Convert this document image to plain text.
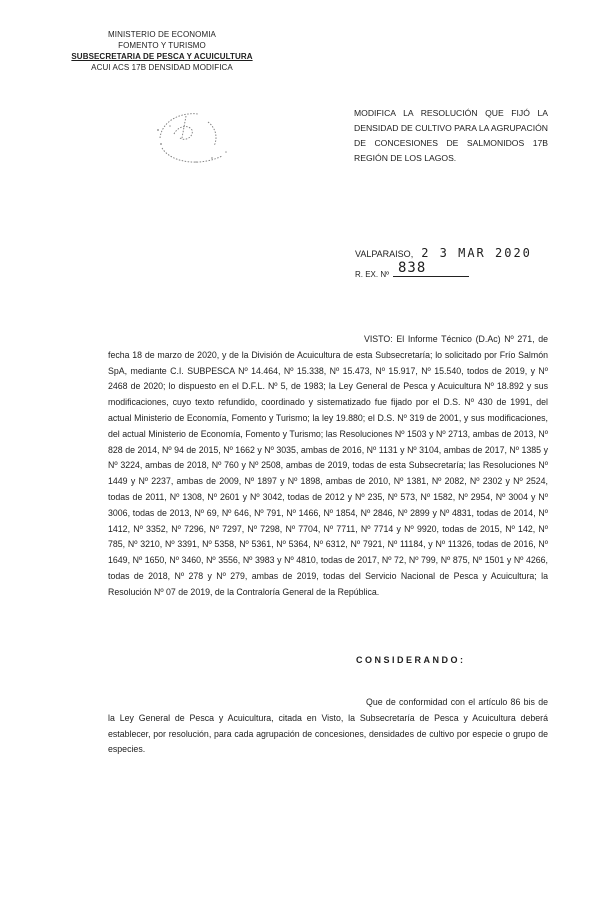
MINISTERIO DE ECONOMIA
FOMENTO Y TURISMO
SUBSECRETARIA DE PESCA Y ACUICULTURA
ACUI ACS 17B DENSIDAD MODIFICA
MODIFICA LA RESOLUCIÓN QUE FIJÓ LA DENSIDAD DE CULTIVO PARA LA AGRUPACIÓN DE CONCESIONES DE SALMONIDOS 17B REGIÓN DE LOS LAGOS.
VALPARAISO, 2 3 MAR 2020
R. EX. Nº 838
VISTO: El Informe Técnico (D.Ac) Nº 271, de fecha 18 de marzo de 2020, y de la División de Acuicultura de esta Subsecretaría; lo solicitado por Frío Salmón SpA, mediante C.I. SUBPESCA Nº 14.464, Nº 15.338, Nº 15.473, Nº 15.917, Nº 15.540, todos de 2019, y Nº 2468 de 2020; lo dispuesto en el D.F.L. Nº 5, de 1983; la Ley General de Pesca y Acuicultura Nº 18.892 y sus modificaciones, cuyo texto refundido, coordinado y sistematizado fue fijado por el D.S. Nº 430 de 1991, del actual Ministerio de Economía, Fomento y Turismo; la ley 19.880; el D.S. Nº 319 de 2001, y sus modificaciones, del actual Ministerio de Economía, Fomento y Turismo; las Resoluciones Nº 1503 y Nº 2713, ambas de 2013, Nº 828 de 2014, Nº 94 de 2015, Nº 1662 y Nº 3035, ambas de 2016, Nº 1131 y Nº 3104, ambas de 2017, Nº 1385 y Nº 3224, ambas de 2018, Nº 760 y Nº 2508, ambas de 2019, todas de esta Subsecretaría; las Resoluciones Nº 1449 y Nº 2237, ambas de 2009, Nº 1897 y Nº 1898, ambas de 2010, Nº 1381, Nº 2082, Nº 2302 y Nº 2524, todas de 2011, Nº 1308, Nº 2601 y Nº 3042, todas de 2012 y Nº 235, Nº 573, Nº 1582, Nº 2954, Nº 3004 y Nº 3006, todas de 2013, Nº 69, Nº 646, Nº 791, Nº 1466, Nº 1854, Nº 2846, Nº 2899 y Nº 4831, todas de 2014, Nº 1412, Nº 3352, Nº 7296, Nº 7297, Nº 7298, Nº 7704, Nº 7711, Nº 7714 y Nº 9920, todas de 2015, Nº 142, Nº 785, Nº 3210, Nº 3391, Nº 5358, Nº 5361, Nº 5364, Nº 6312, Nº 7921, Nº 11184, y Nº 11326, todas de 2016, Nº 1649, Nº 1650, Nº 3460, Nº 3556, Nº 3983 y Nº 4810, todas de 2017, Nº 72, Nº 799, Nº 875, Nº 1501 y Nº 4266, todas de 2018, Nº 278 y Nº 279, ambas de 2019, todas del Servicio Nacional de Pesca y Acuicultura; la Resolución Nº 07 de 2019, de la Contraloría General de la República.
CONSIDERANDO:
Que de conformidad con el artículo 86 bis de la Ley General de Pesca y Acuicultura, citada en Visto, la Subsecretaría de Pesca y Acuicultura deberá establecer, por resolución, para cada agrupación de concesiones, densidades de cultivo por especie o grupo de especies.
